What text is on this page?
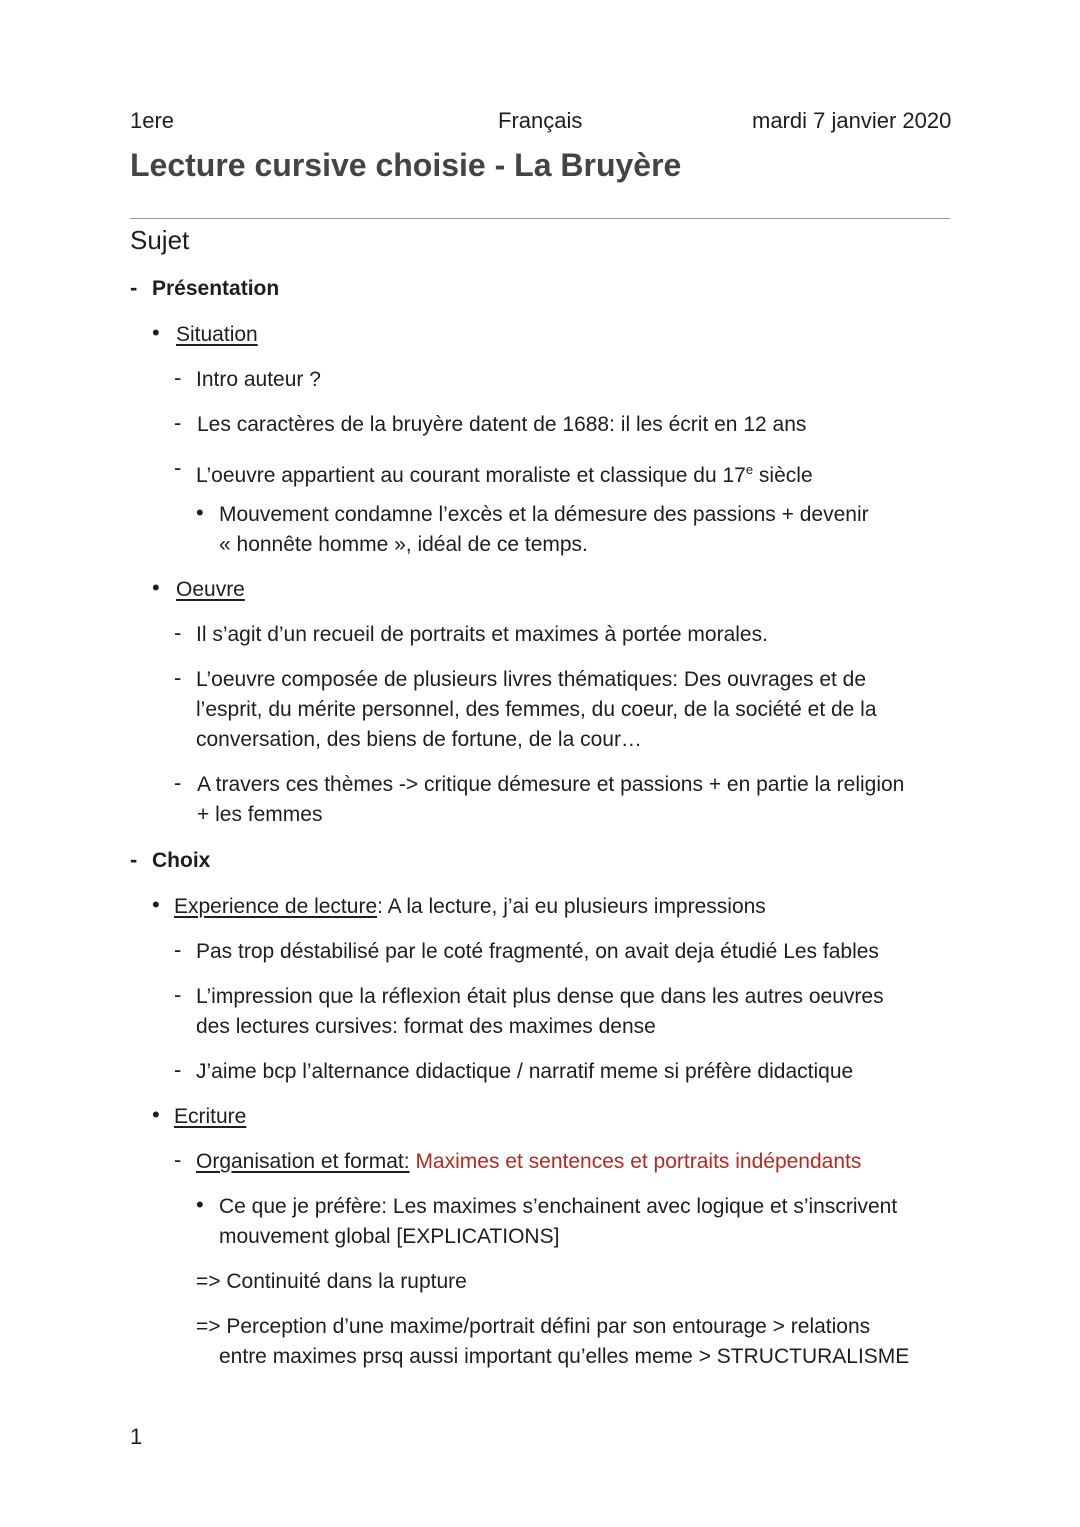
1ere	Français	mardi 7 janvier 2020
Lecture cursive choisie - La Bruyère
Sujet
- Présentation
• Situation
- Intro auteur ?
- Les caractères de la bruyère datent de 1688: il les écrit en 12 ans
- L’oeuvre appartient au courant moraliste et classique du 17e siècle
• Mouvement condamne l’excès et la démesure des passions + devenir
« honnête homme », idéal de ce temps.
• Oeuvre
- Il s’agit d’un recueil de portraits et maximes à portée morales.
- L’oeuvre composée de plusieurs livres thématiques: Des ouvrages et de
l’esprit, du mérite personnel, des femmes, du coeur, de la société et de la
conversation, des biens de fortune, de la cour…
- A travers ces thèmes -> critique démesure et passions + en partie la religion
+ les femmes
- Choix
• Experience de lecture: A la lecture, j’ai eu plusieurs impressions
- Pas trop déstabilisé par le coté fragmenté, on avait deja étudié Les fables
- L’impression que la réflexion était plus dense que dans les autres oeuvres
des lectures cursives: format des maximes dense
- J’aime bcp l’alternance didactique / narratif meme si préfère didactique
• Ecriture
- Organisation et format: Maximes et sentences et portraits indépendants
• Ce que je préfère: Les maximes s’enchainent avec logique et s’inscrivent
mouvement global [EXPLICATIONS]
=> Continuité dans la rupture
=> Perception d’une maxime/portrait défini par son entourage > relations
entre maximes prsq aussi important qu’elles meme > STRUCTURALISME
1
